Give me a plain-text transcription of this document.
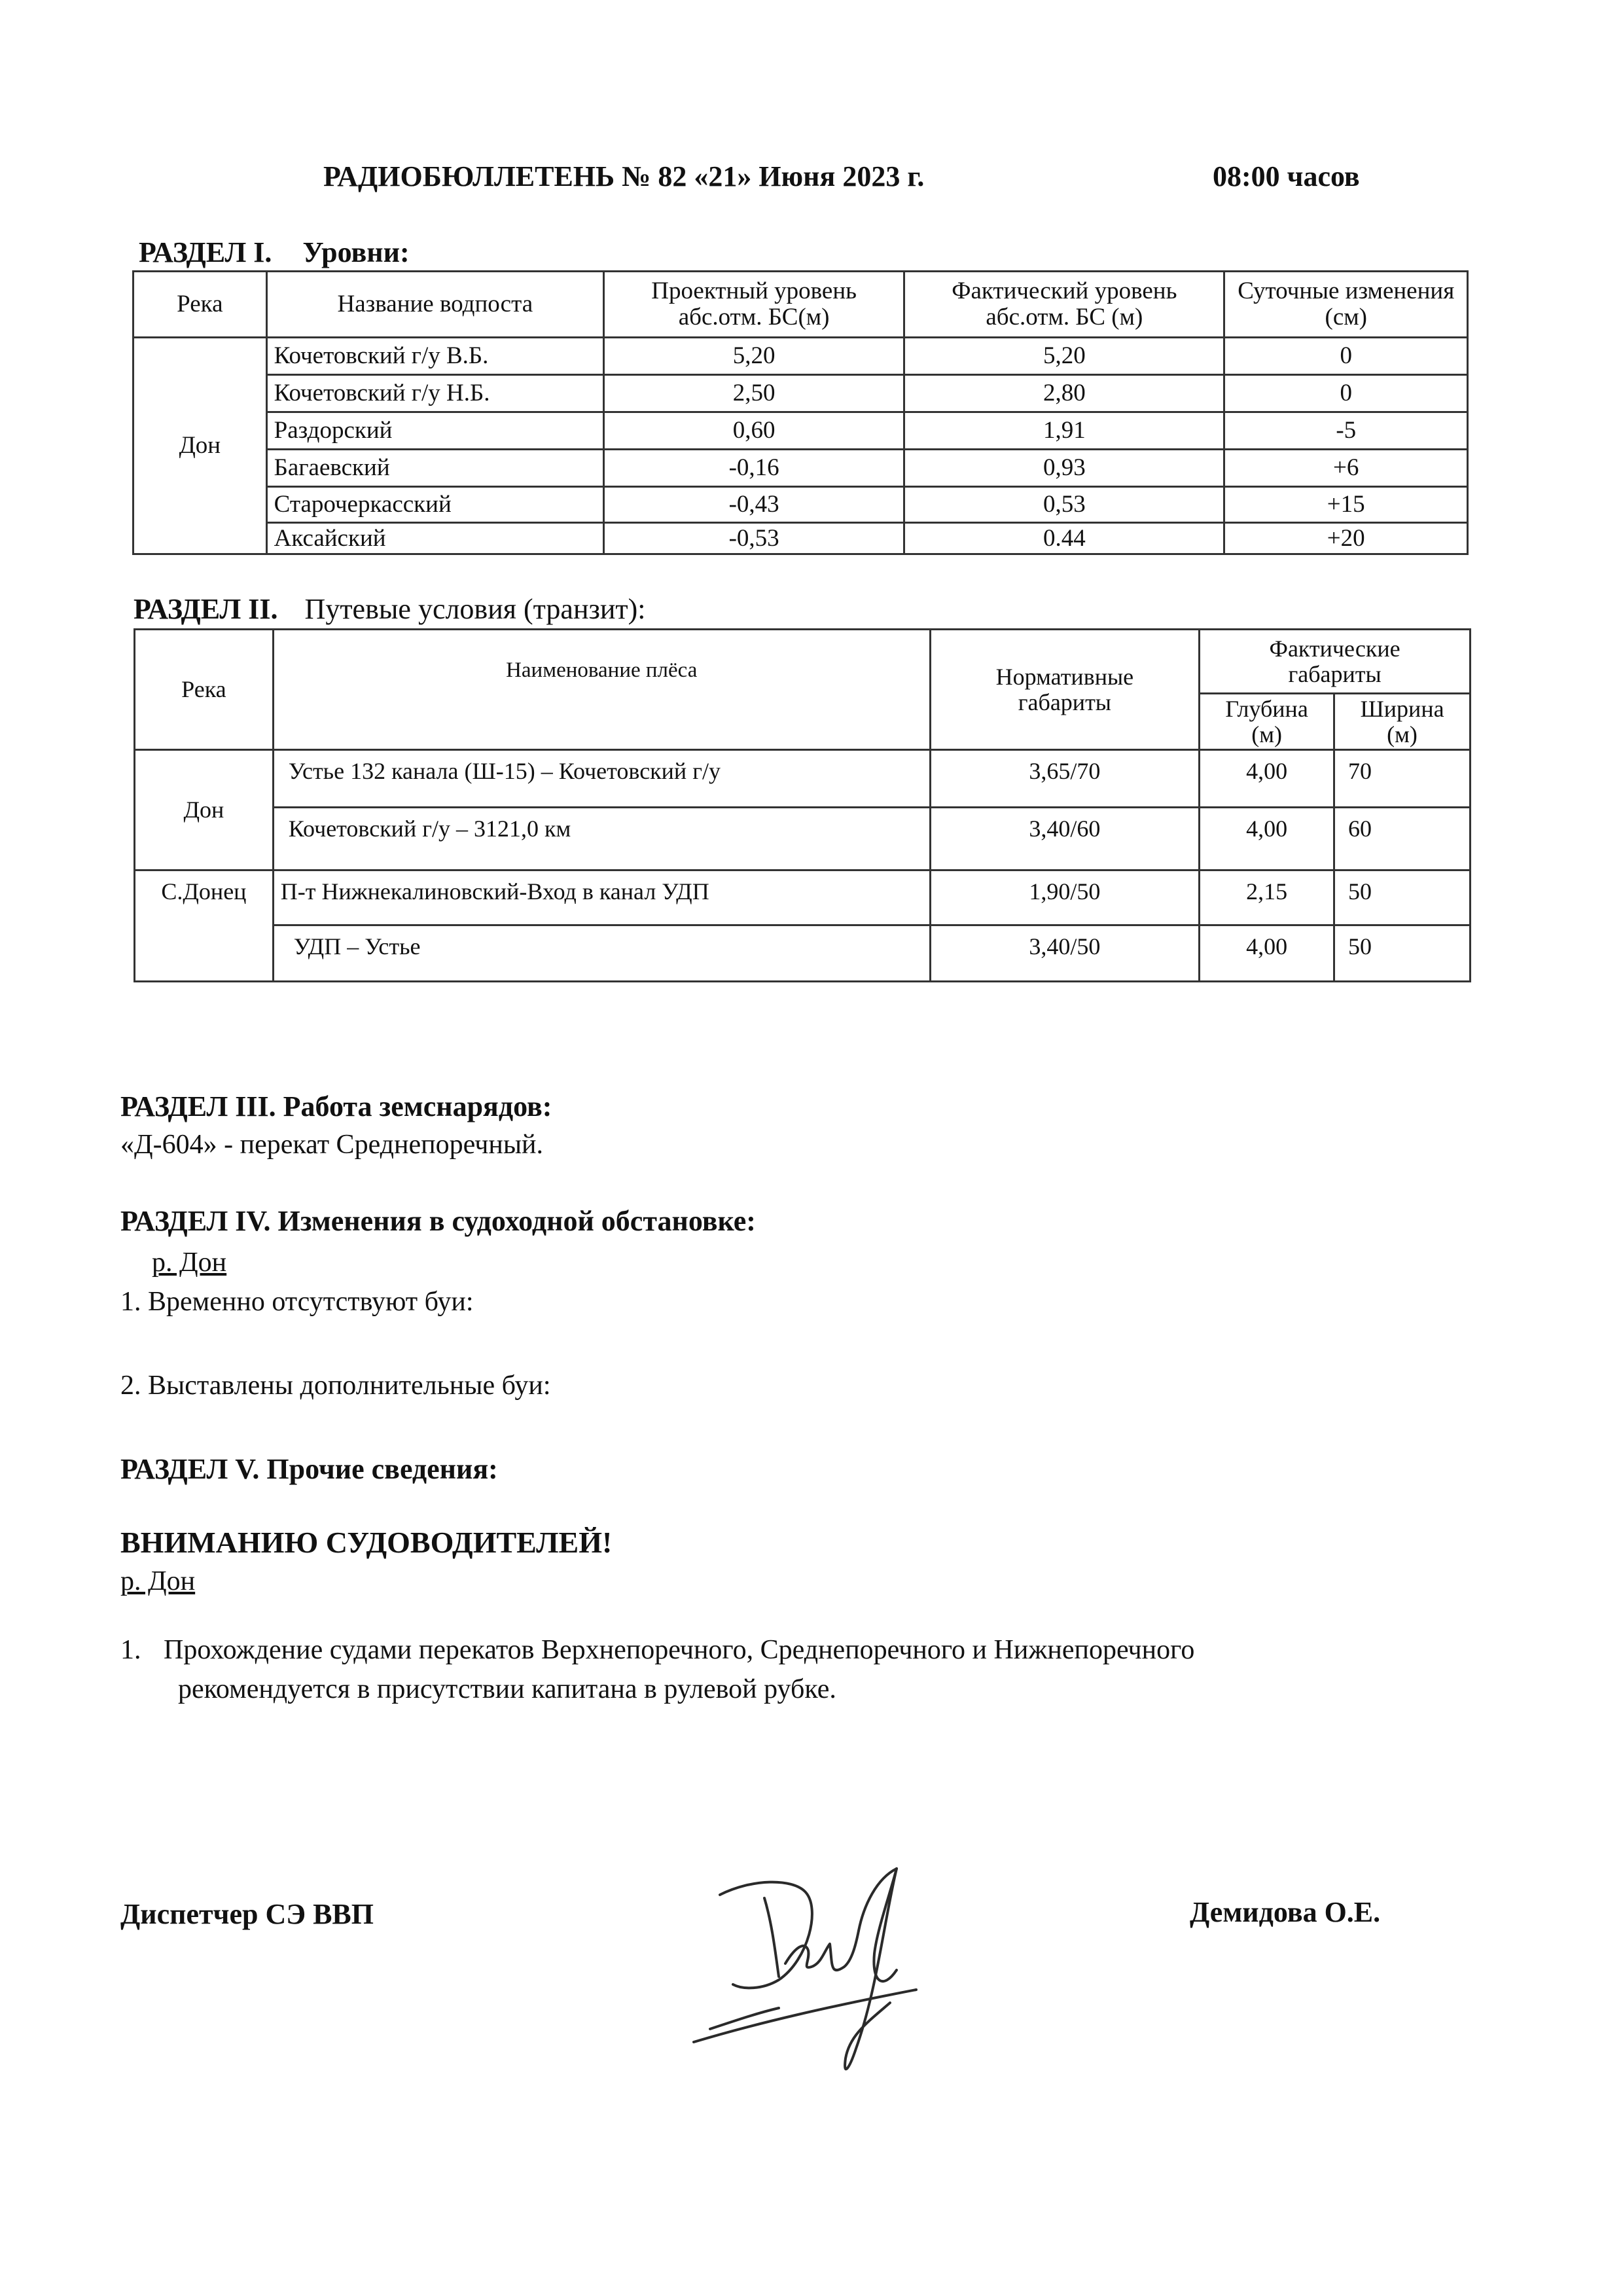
РАДИОБЮЛЛЕТЕНЬ № 82 «21» Июня 2023 г.	08:00 часов
РАЗДЕЛ I. Уровни:
Река	Название водпоста	Проектный уровень абс.отм. БС(м)	Фактический уровень абс.отм. БС (м)	Суточные изменения (см)
Дон	Кочетовский г/у В.Б.	5,20	5,20	0
	Кочетовский г/у Н.Б.	2,50	2,80	0
	Раздорский	0,60	1,91	-5
	Багаевский	-0,16	0,93	+6
	Старочеркасский	-0,43	0,53	+15
	Аксайский	-0,53	0.44	+20
РАЗДЕЛ II. Путевые условия (транзит):
Река	Наименование плёса	Нормативные габариты	Фактические габариты	

			Глубина (м)	Ширина (м)

Дон	Устье 132 канала (Ш-15) – Кочетовский г/у	3,65/70	4,00	70
	Кочетовский г/у – 3121,0 км	3,40/60	4,00	60
С.Донец	П-т Нижнекалиновский-Вход в канал УДП	1,90/50	2,15	50
	УДП – Устье	3,40/50	4,00	50
РАЗДЕЛ III. Работа земснарядов:
«Д-604» - перекат Среднепоречный.
РАЗДЕЛ IV. Изменения в судоходной обстановке:
р. Дон
1. Временно отсутствуют буи:
2. Выставлены дополнительные буи:
РАЗДЕЛ V. Прочие сведения:
ВНИМАНИЮ СУДОВОДИТЕЛЕЙ!
р. Дон
1. Прохождение судами перекатов Верхнепоречного, Среднепоречного и Нижнепоречного
рекомендуется в присутствии капитана в рулевой рубке.
Диспетчер СЭ ВВП	Демидова О.Е.
